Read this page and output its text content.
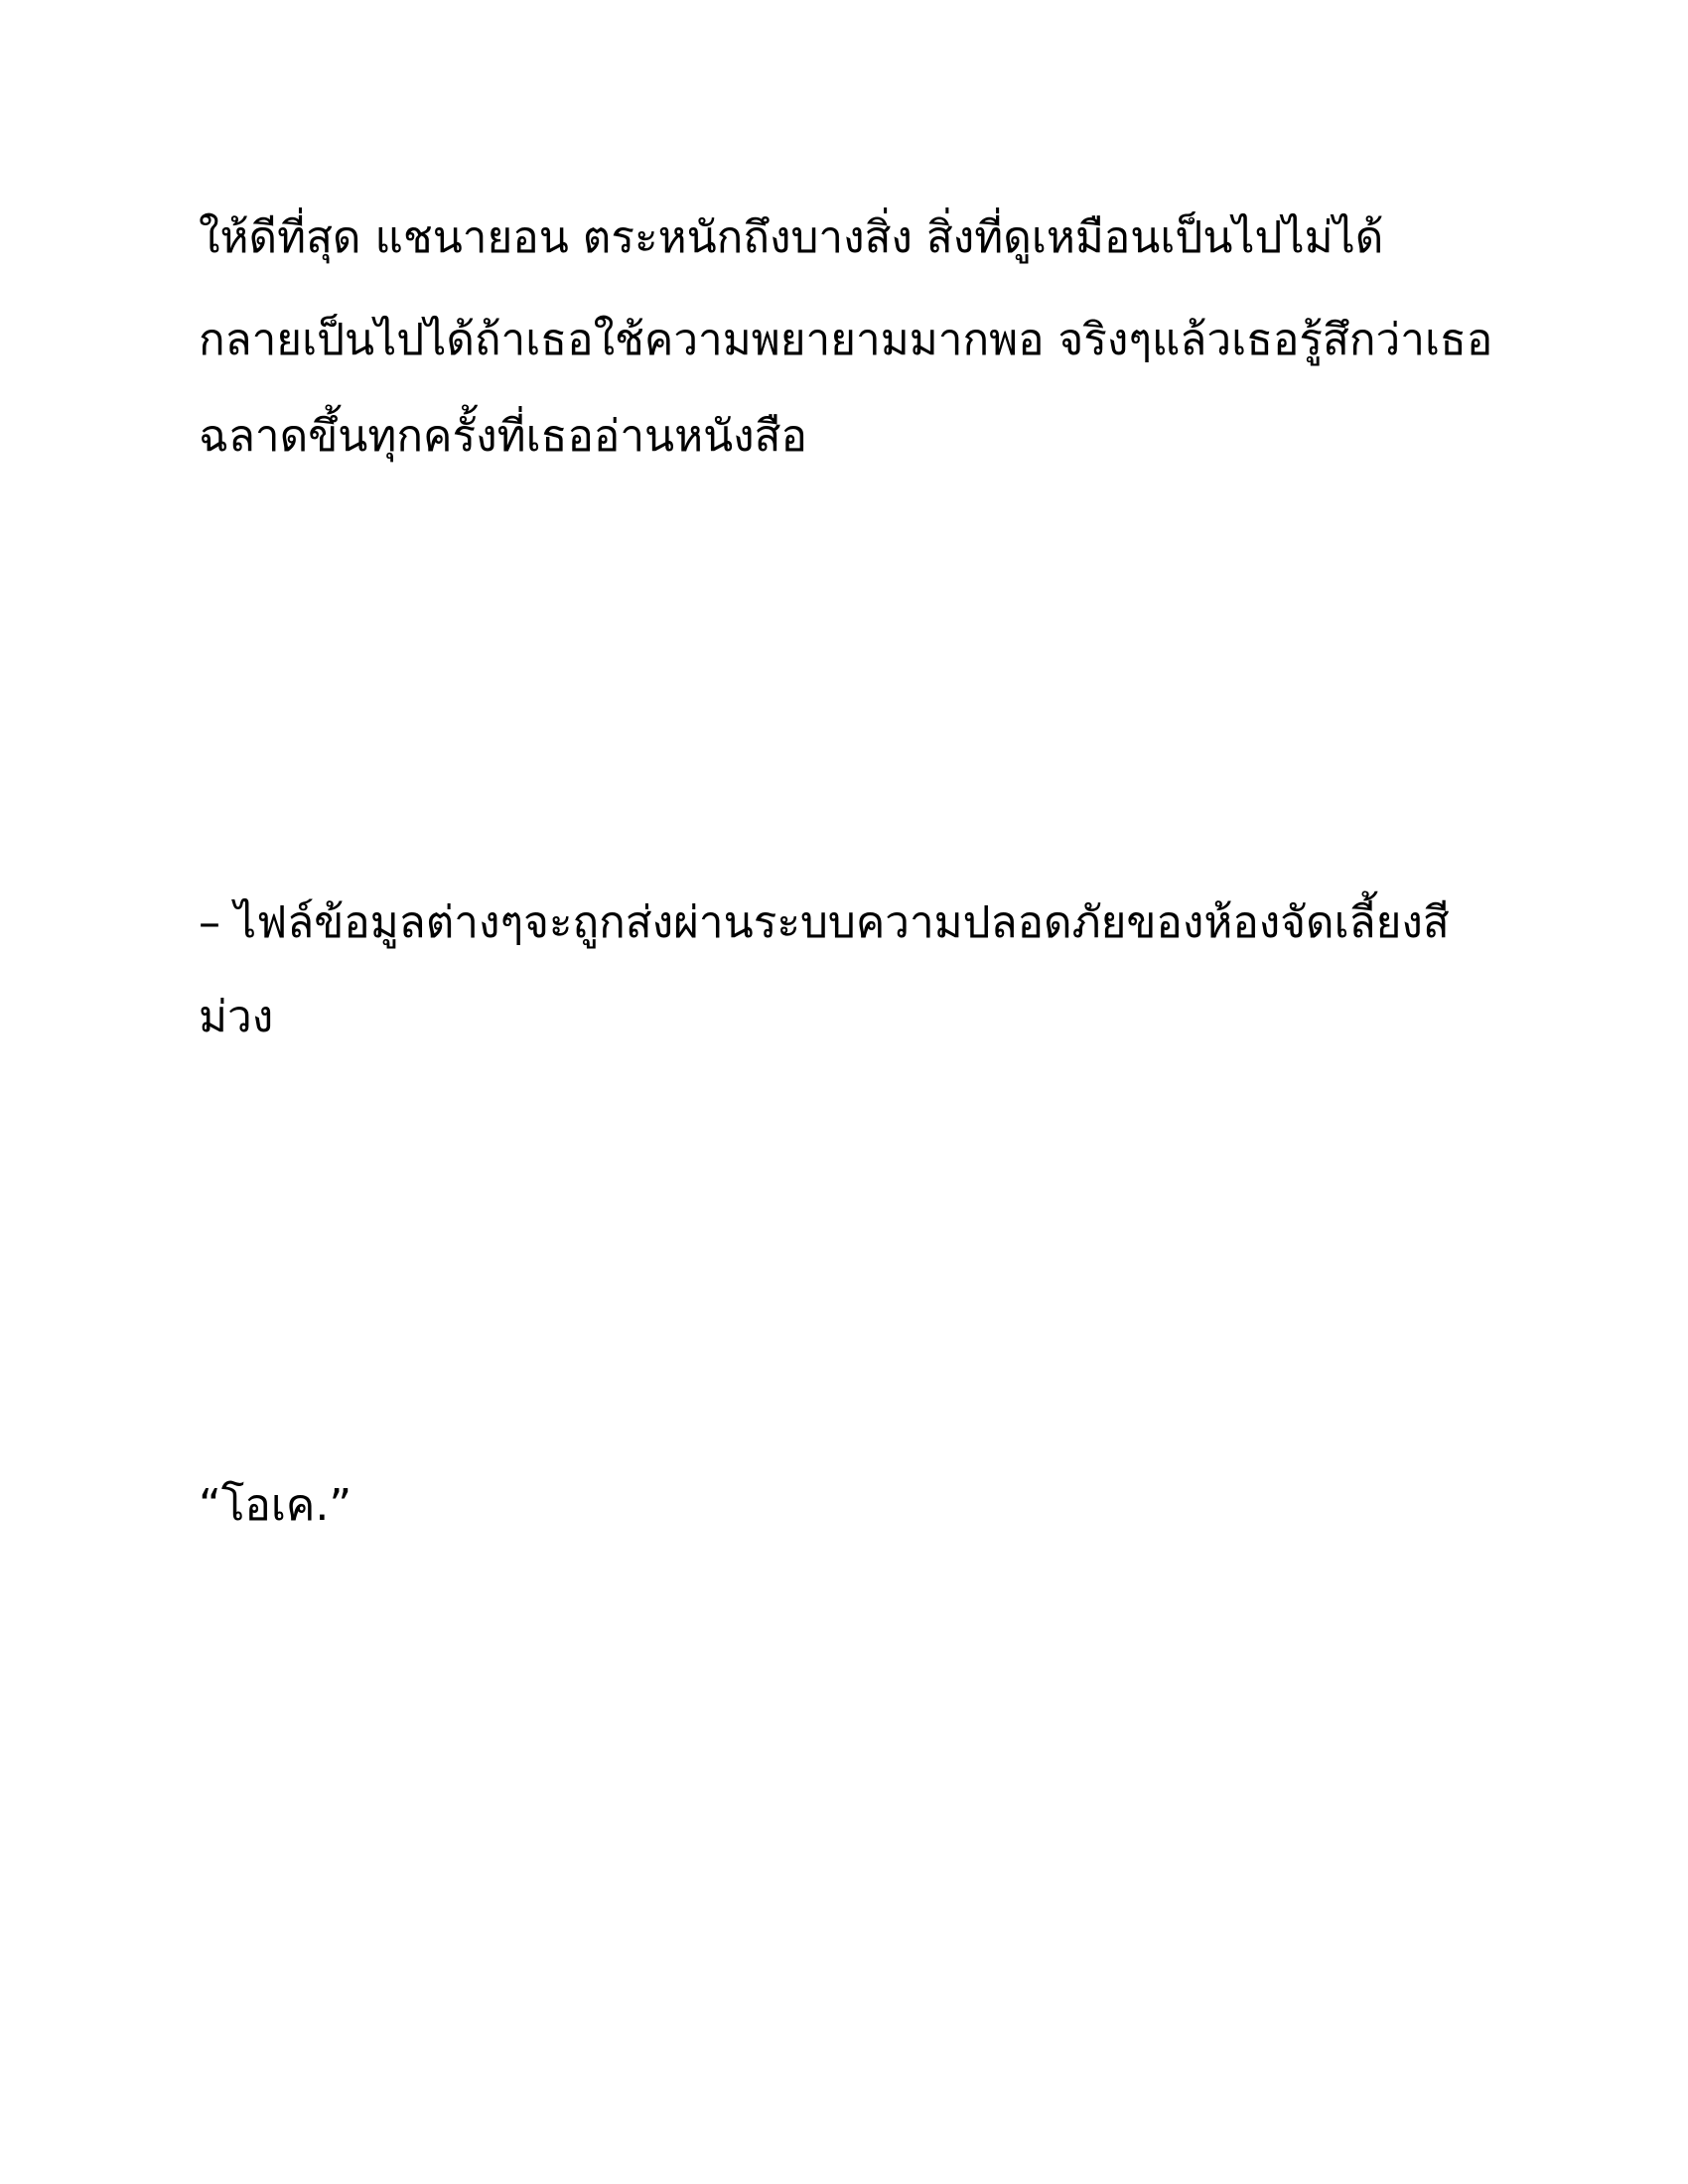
ให้ดีที่สุด แชนายอน ตระหนักถึงบางสิ่ง สิ่งที่ดูเหมือนเป็นไปไม่ได้

กลายเป็นไปได้ถ้าเธอใช้ความพยายามมากพอ จริงๆแล้วเธอรู้สึกว่าเธอ

ฉลาดขึ้นทุกครั้งที่เธออ่านหนังสือ

– ไฟล์ข้อมูลต่างๆจะถูกส่งผ่านระบบความปลอดภัยของห้องจัดเลี้ยงสี

ม่วง

“โอเค.”
